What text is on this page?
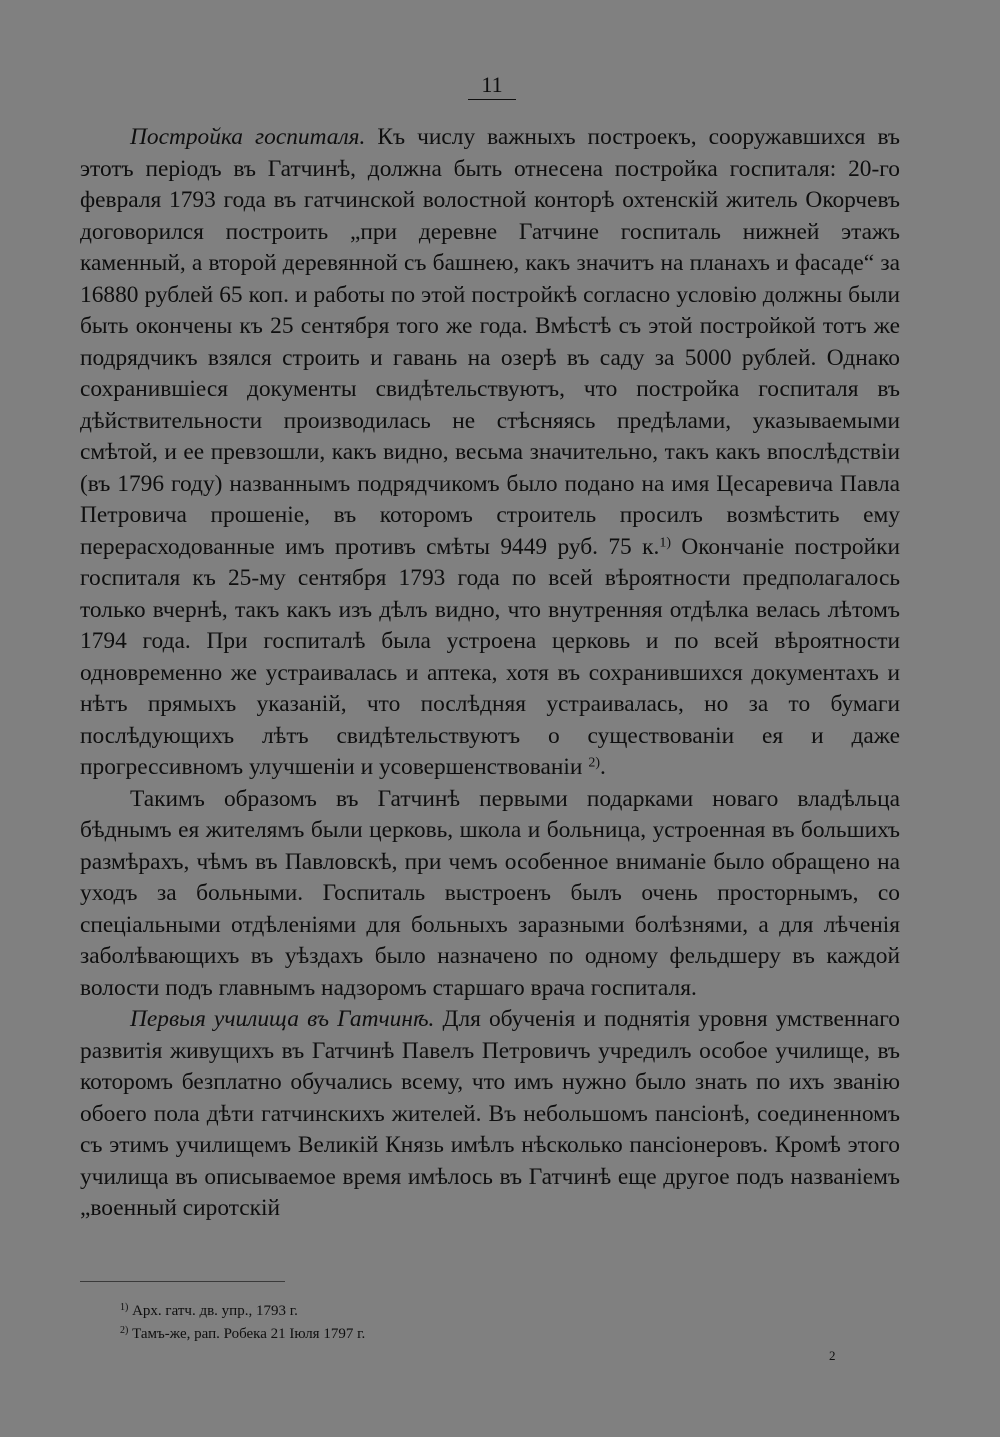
11

Постройка госпиталя. Къ числу важныхъ построекъ, сооружавшихся въ этотъ періодъ въ Гатчинѣ, должна быть отнесена постройка госпиталя: 20-го февраля 1793 года въ гатчинской волостной конторѣ охтенскій житель Окорчевъ договорился построить „при деревне Гатчине госпиталь нижней этажъ каменный, а второй деревянной съ башнею, какъ значитъ на планахъ и фасаде“ за 16880 рублей 65 коп. и работы по этой постройкѣ согласно условію должны были быть окончены къ 25 сентября того же года. Вмѣстѣ съ этой постройкой тотъ же подрядчикъ взялся строить и гавань на озерѣ въ саду за 5000 рублей. Однако сохранившіеся документы свидѣтельствуютъ, что постройка госпиталя въ дѣйствительности производилась не стѣсняясь предѣлами, указываемыми смѣтой, и ее превзошли, какъ видно, весьма значительно, такъ какъ впослѣдствіи (въ 1796 году) названнымъ подрядчикомъ было подано на имя Цесаревича Павла Петровича прошеніе, въ которомъ строитель просилъ возмѣстить ему перерасходованные имъ противъ смѣты 9449 руб. 75 к.$^{1)}$ Окончаніе постройки госпиталя къ 25-му сентября 1793 года по всей вѣроятности предполагалось только вчернѣ, такъ какъ изъ дѣлъ видно, что внутренняя отдѣлка велась лѣтомъ 1794 года. При госпиталѣ была устроена церковь и по всей вѣроятности одновременно же устраивалась и аптека, хотя въ сохранившихся документахъ и нѣтъ прямыхъ указаній, что послѣдняя устраивалась, но за то бумаги послѣдующихъ лѣтъ свидѣтельствуютъ о существованіи ея и даже прогрессивномъ улучшеніи и усовершенствованіи $^{2)}$.

Такимъ образомъ въ Гатчинѣ первыми подарками новаго владѣльца бѣднымъ ея жителямъ были церковь, школа и больница, устроенная въ большихъ размѣрахъ, чѣмъ въ Павловскѣ, при чемъ особенное вниманіе было обращено на уходъ за больными. Госпиталь выстроенъ былъ очень просторнымъ, со спеціальными отдѣленіями для больныхъ заразными болѣзнями, а для лѣченія заболѣвающихъ въ уѣздахъ было назначено по одному фельдшеру въ каждой волости подъ главнымъ надзоромъ старшаго врача госпиталя.

Первыя училища въ Гатчинѣ. Для обученія и поднятія уровня умственнаго развитія живущихъ въ Гатчинѣ Павелъ Петровичъ учредилъ особое училище, въ которомъ безплатно обучались всему, что имъ нужно было знать по ихъ званію обоего пола дѣти гатчинскихъ жителей. Въ небольшомъ пансіонѣ, соединенномъ съ этимъ училищемъ Великій Князь имѣлъ нѣсколько пансіонеровъ. Кромѣ этого училища въ описываемое время имѣлось въ Гатчинѣ еще другое подъ названіемъ „военный сиротскій

$^{1)}$ Арх. гатч. дв. упр., 1793 г.
$^{2)}$ Тамъ-же, рап. Робека 21 Іюля 1797 г.
2
